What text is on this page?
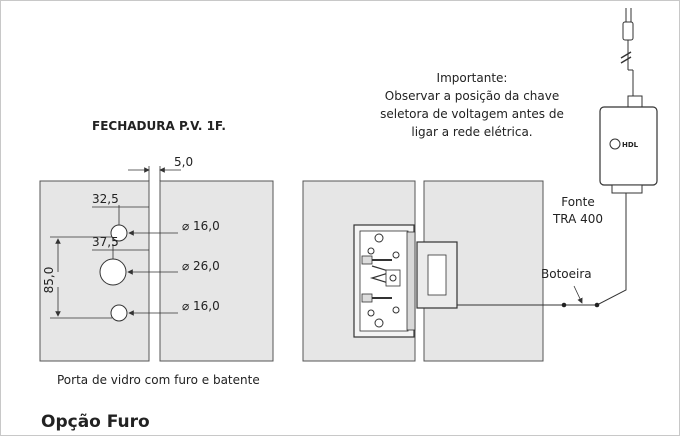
FECHADURA P.V. 1F.
5,0
32,5
37,5
85,0
⌀ 16,0
⌀ 26,0
⌀ 16,0
Porta de vidro com furo e batente
Opção Furo
Importante:
Observar a posição da chave
seletora de voltagem antes de
ligar a rede elétrica.
Botoeira
Fonte
TRA 400
HDL
